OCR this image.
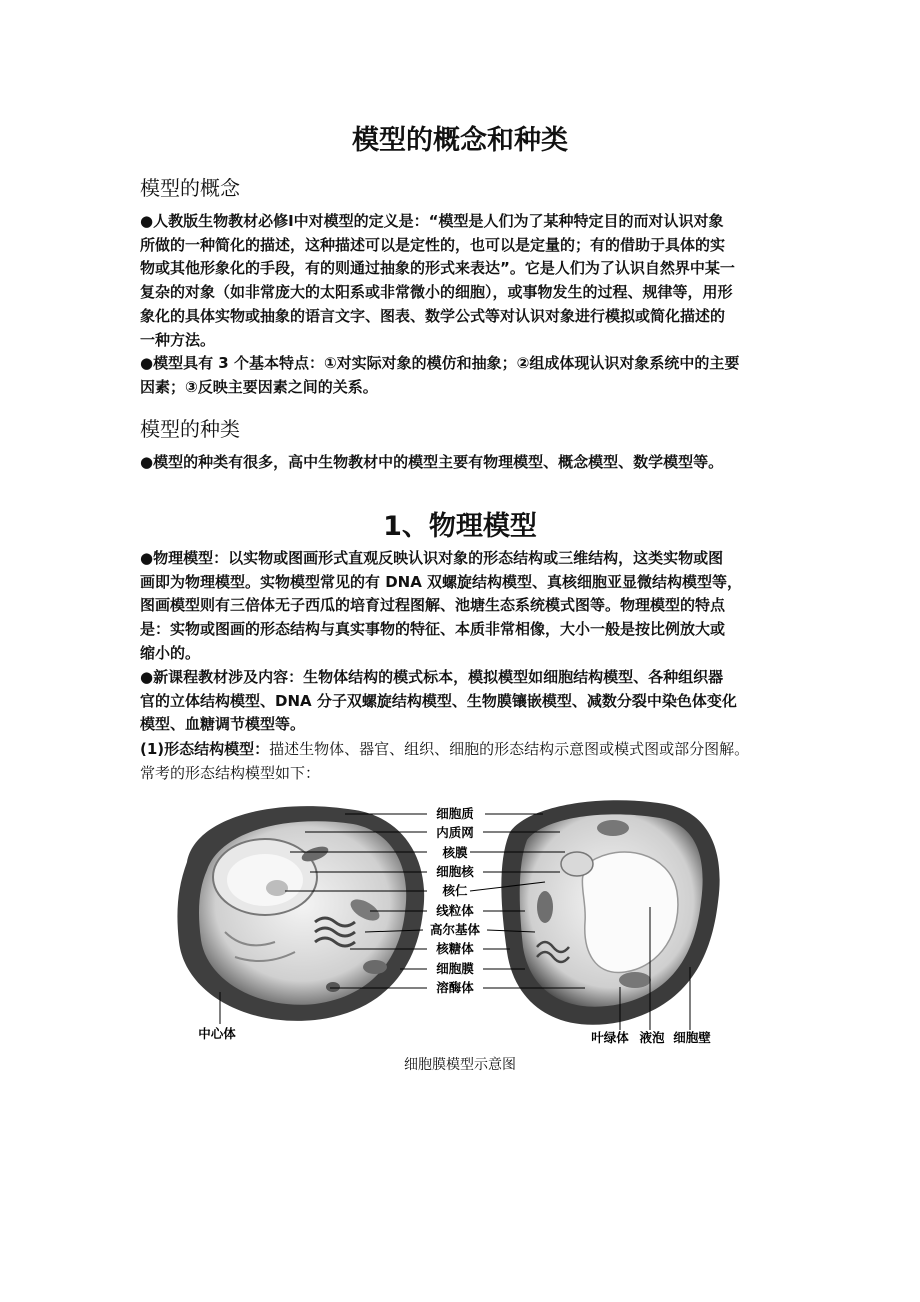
模型的概念和种类
模型的概念
●人教版生物教材必修Ⅰ中对模型的定义是：“模型是人们为了某种特定目的而对认识对象
所做的一种简化的描述，这种描述可以是定性的，也可以是定量的；有的借助于具体的实
物或其他形象化的手段，有的则通过抽象的形式来表达”。它是人们为了认识自然界中某一
复杂的对象（如非常庞大的太阳系或非常微小的细胞），或事物发生的过程、规律等，用形
象化的具体实物或抽象的语言文字、图表、数学公式等对认识对象进行模拟或简化描述的
一种方法。
●模型具有 3 个基本特点：①对实际对象的模仿和抽象；②组成体现认识对象系统中的主要
因素；③反映主要因素之间的关系。
模型的种类
●模型的种类有很多，高中生物教材中的模型主要有物理模型、概念模型、数学模型等。
1、物理模型
●物理模型：以实物或图画形式直观反映认识对象的形态结构或三维结构，这类实物或图
画即为物理模型。实物模型常见的有 DNA 双螺旋结构模型、真核细胞亚显微结构模型等，
图画模型则有三倍体无子西瓜的培育过程图解、池塘生态系统模式图等。物理模型的特点
是：实物或图画的形态结构与真实事物的特征、本质非常相像，大小一般是按比例放大或
缩小的。
●新课程教材涉及内容：生物体结构的模式标本，模拟模型如细胞结构模型、各种组织器
官的立体结构模型、DNA 分子双螺旋结构模型、生物膜镶嵌模型、减数分裂中染色体变化
模型、血糖调节模型等。
(1)形态结构模型：描述生物体、器官、组织、细胞的形态结构示意图或模式图或部分图解。
常考的形态结构模型如下：
细胞质
内质网
核膜
细胞核
核仁
线粒体
高尔基体
核糖体
细胞膜
溶酶体
中心体	叶绿体 液泡 细胞壁
细胞膜模型示意图
